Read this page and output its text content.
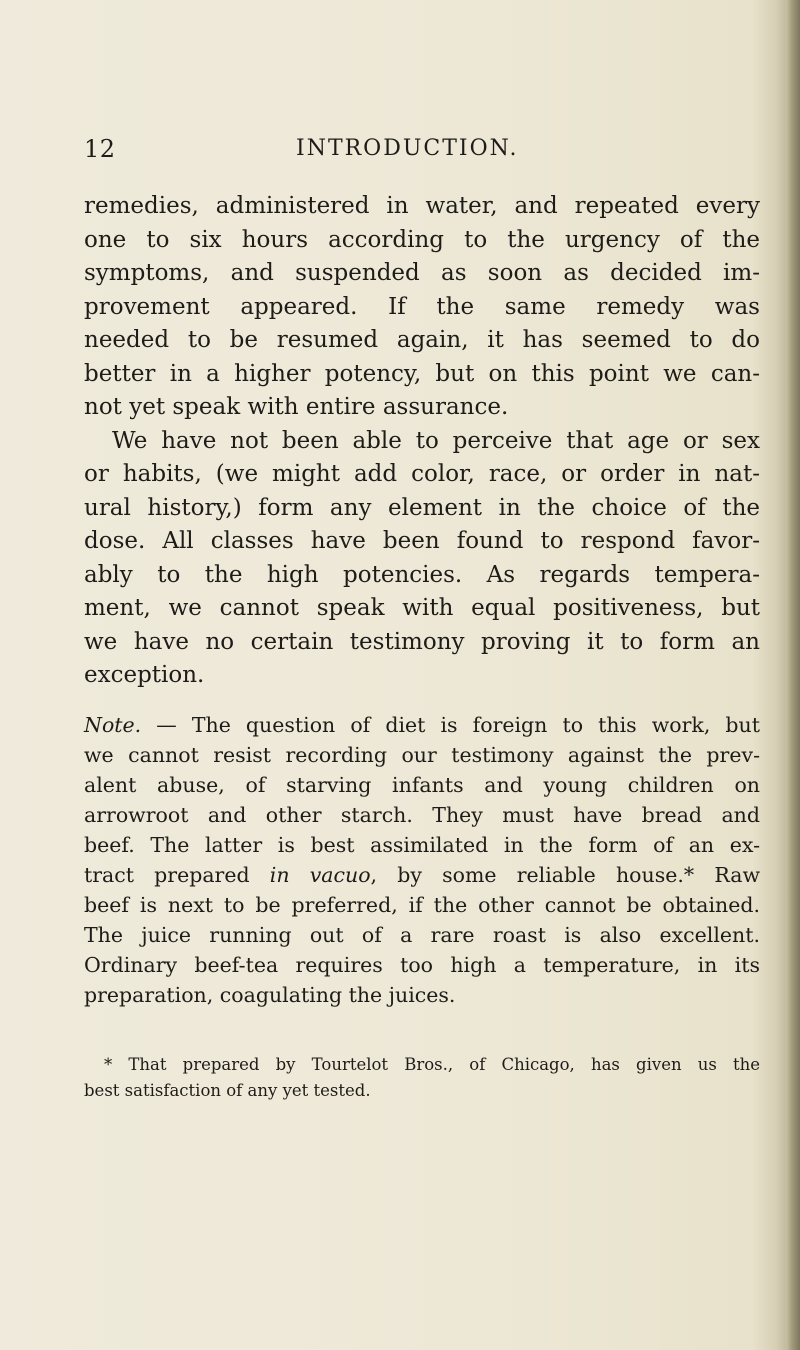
12	INTRODUCTION.
remedies, administered in water, and repeated every
one to six hours according to the urgency of the
symptoms, and suspended as soon as decided im-
provement appeared. If the same remedy was
needed to be resumed again, it has seemed to do
better in a higher potency, but on this point we can-
not yet speak with entire assurance.
We have not been able to perceive that age or sex
or habits, (we might add color, race, or order in nat-
ural history,) form any element in the choice of the
dose. All classes have been found to respond favor-
ably to the high potencies. As regards tempera-
ment, we cannot speak with equal positiveness, but
we have no certain testimony proving it to form an
exception.
Note. — The question of diet is foreign to this work, but
we cannot resist recording our testimony against the prev-
alent abuse, of starving infants and young children on
arrowroot and other starch. They must have bread and
beef. The latter is best assimilated in the form of an ex-
tract prepared in vacuo, by some reliable house.* Raw
beef is next to be preferred, if the other cannot be obtained.
The juice running out of a rare roast is also excellent.
Ordinary beef-tea requires too high a temperature, in its
preparation, coagulating the juices.
* That prepared by Tourtelot Bros., of Chicago, has given us the
best satisfaction of any yet tested.
